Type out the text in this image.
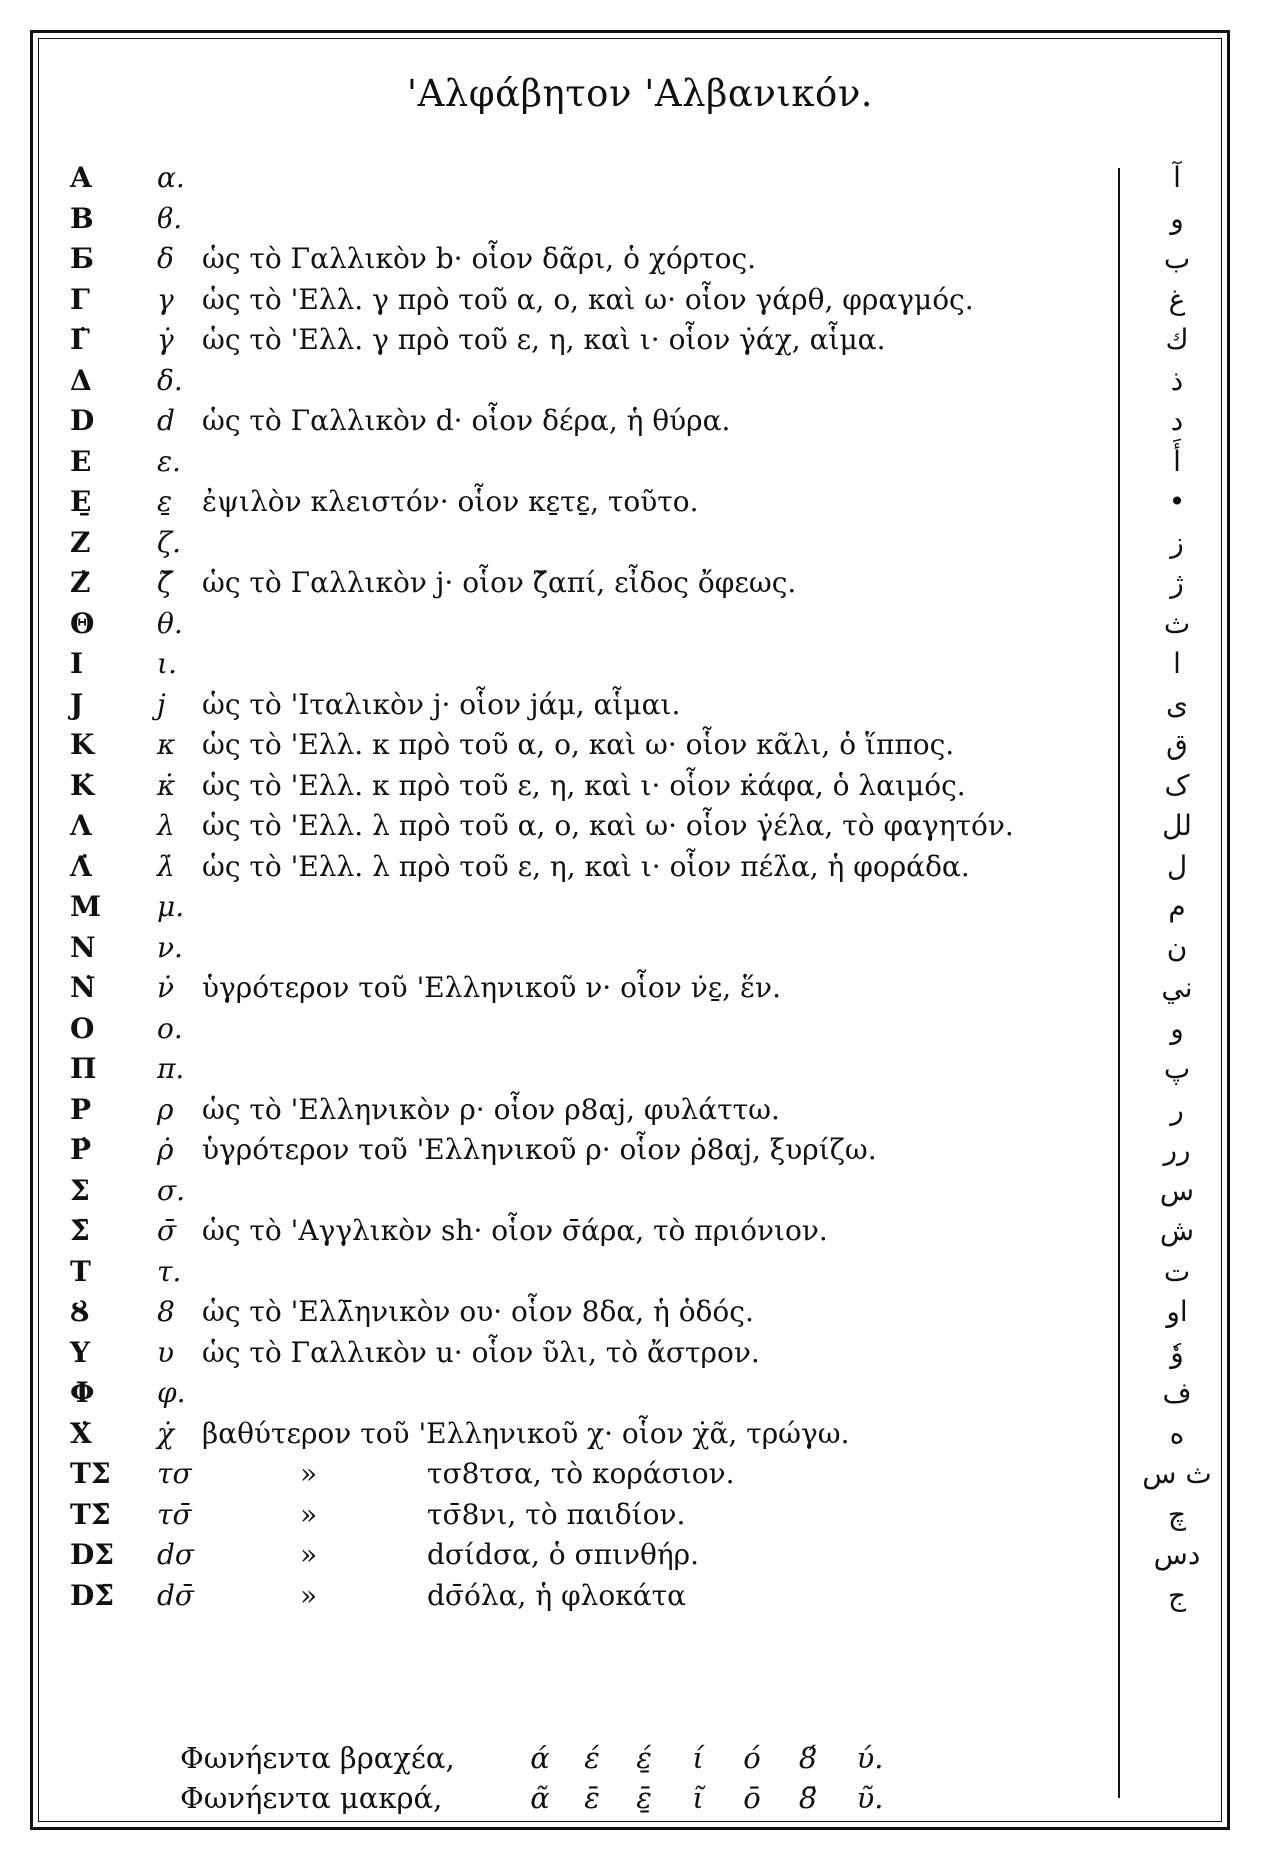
'Αλφάβητον 'Αλβανικόν.
Α	α.	آ
Β	ϐ.	و
Б	δ	ὡς τὸ Γαλλικὸν b· οἷον δᾶρι, ὁ χόρτος.	ب
Γ	γ	ὡς τὸ 'Ελλ. γ πρὸ τοῦ α, ο, καὶ ω· οἷον γάρθ, φραγμός.	غ
Γ̇	γ̇	ὡς τὸ 'Ελλ. γ πρὸ τοῦ ε, η, καὶ ι· οἷον γ̇άχ, αἷμα.	ك
Δ	δ.	ذ
D	d ὡς τὸ Γαλλικὸν d· οἷον δέρα, ἡ θύρα.	د
Ε	ε.	أَ
Ε̱	ε̱	ἐψιλὸν κλειστόν· οἷον κε̱τε̱, τοῦτο.	•
Ζ	ζ.	ز
Ζ̇	ζ̆	ὡς τὸ Γαλλικὸν j· οἷον ζ̆απί, εἶδος ὄφεως.	ژ
Θ	θ.	ث
Ι	ι.	ا
J	j	ὡς τὸ 'Ιταλικὸν j· οἷον jάμ, αἷμαι.	ى
Κ	κ ὡς τὸ 'Ελλ. κ πρὸ τοῦ α, ο, καὶ ω· οἷον κᾶλι, ὁ ἵππος.	ق
Κ̇	κ̇ ὡς τὸ 'Ελλ. κ πρὸ τοῦ ε, η, καὶ ι· οἷον κ̇άφα, ὁ λαιμός.	ک
Λ	λ ὡς τὸ 'Ελλ. λ πρὸ τοῦ α, ο, καὶ ω· οἷον γ̇έλα, τὸ φαγητόν.	لل
Λ̇	λ̇ ὡς τὸ 'Ελλ. λ πρὸ τοῦ ε, η, καὶ ι· οἷον πέλ̇α, ἡ φοράδα.	ل
Μ	μ.	م
Ν	ν.	ن
Ν̇	ν̇ ὑγρότερον τοῦ 'Ελληνικοῦ ν· οἷον ν̇ε̱, ἕν.	ني
Ο	ο.	و
Π	π.	پ
Ρ	ρ	ὡς τὸ 'Ελληνικὸν ρ· οἷον ρ8αj, φυλάττω.	ر
Ρ̇	ρ̇	ὑγρότερον τοῦ 'Ελληνικοῦ ρ· οἷον ρ̇8αj, ξυρίζω.	رر
Σ	σ.	س
Σ̄	σ̄ ὡς τὸ 'Αγγλικὸν sh· οἷον σ̄άρα, τὸ πριόνιον.	ش
Τ	τ.	ت
Ȣ	8 ὡς τὸ 'Ελλ̄ηνικὸν ου· οἷον 8δα, ἡ ὁδός.	او
Υ	υ ὡς τὸ Γαλλικὸν u· οἷον ῦλι, τὸ ἄστρον.	وٗ
Φ	φ.	ف
Χ̇	χ̇	βαθύτερον τοῦ 'Ελληνικοῦ χ· οἷον χ̇ᾶ, τρώγω.	ه
ΤΣ	τσ	»	τσ8τσα, τὸ κοράσιον.	ث س
ΤΣ̄	τσ̄	»	τσ̄8νι, τὸ παιδίον.	چ
DΣ	dσ	»	dσίdσα, ὁ σπινθήρ.	دس
DΣ̄	dσ̄	»	dσ̄όλα, ἡ φλοκάτα	ج
Φωνήεντα βραχέα,	ά	έ	έ̱	ί	ό	8́	ύ.
Φωνήεντα μακρά,	ᾶ	ε̄	ε̱̄	ῖ	ō	8̄	ῦ.
